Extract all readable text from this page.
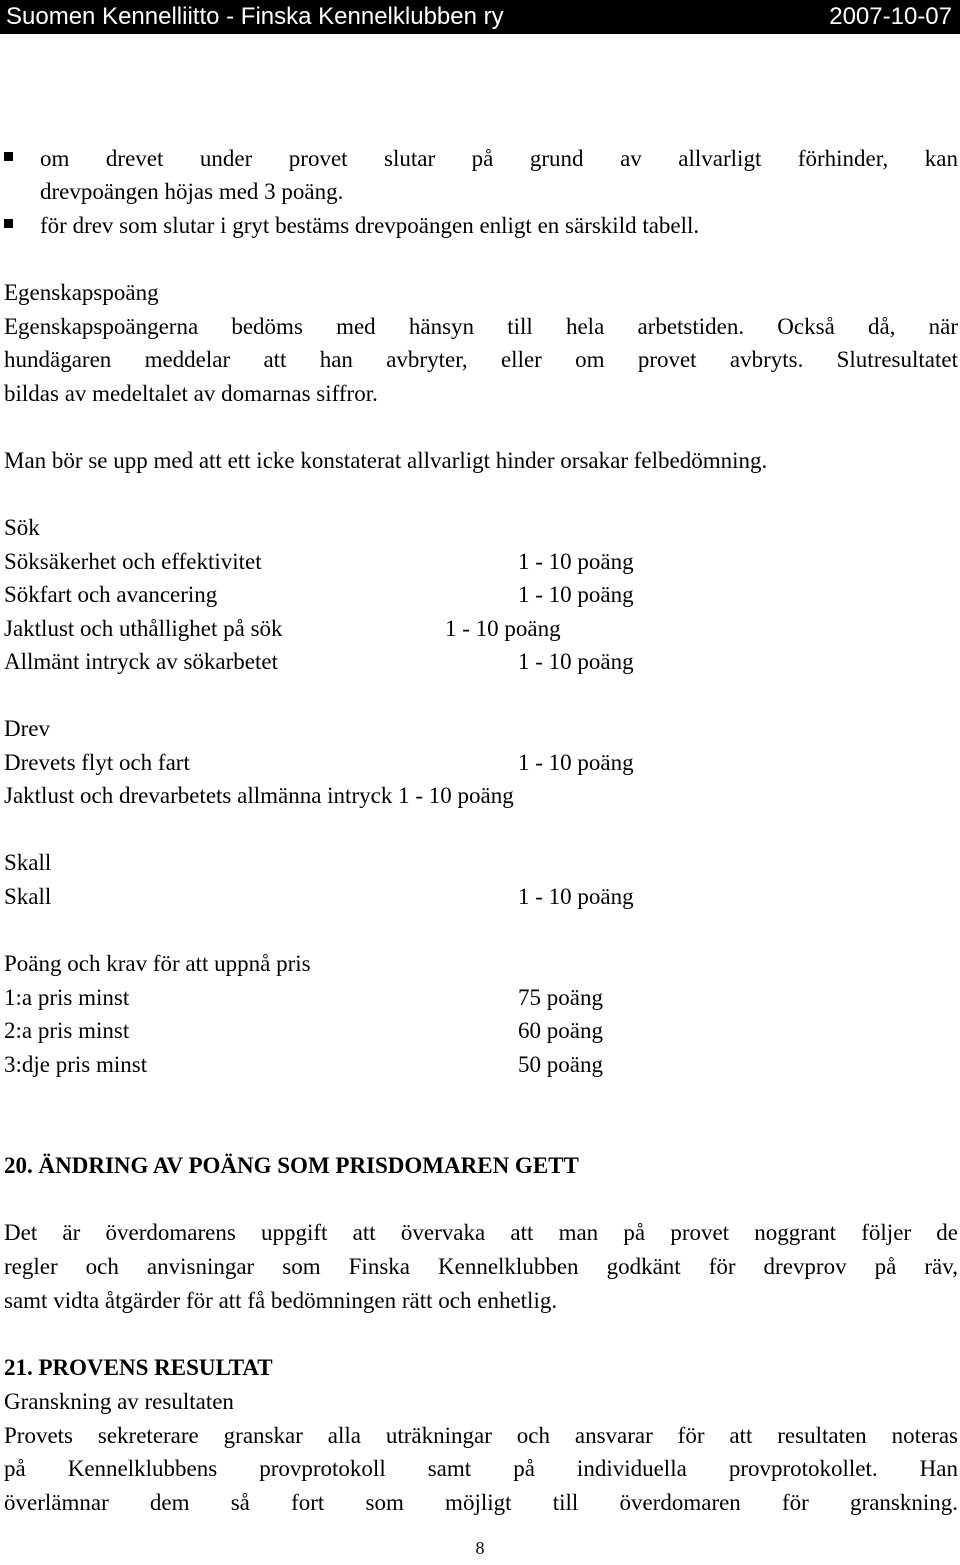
Suomen Kennelliitto - Finska Kennelklubben ry	2007-10-07
om drevet under provet slutar på grund av allvarligt förhinder, kan
drevpoängen höjas med 3 poäng.
för drev som slutar i gryt bestäms drevpoängen enligt en särskild tabell.
Egenskapspoäng
Egenskapspoängerna bedöms med hänsyn till hela arbetstiden. Också då, när
hundägaren meddelar att han avbryter, eller om provet avbryts. Slutresultatet
bildas av medeltalet av domarnas siffror.
Man bör se upp med att ett icke konstaterat allvarligt hinder orsakar felbedömning.
Sök
Söksäkerhet och effektivitet	1 - 10 poäng
Sökfart och avancering	1 - 10 poäng
Jaktlust och uthållighet på sök	1 - 10 poäng
Allmänt intryck av sökarbetet	1 - 10 poäng
Drev
Drevets flyt och fart	1 - 10 poäng
Jaktlust och drevarbetets allmänna intryck 1 - 10 poäng
Skall
Skall	1 - 10 poäng
Poäng och krav för att uppnå pris
1:a pris minst	75 poäng
2:a pris minst	60 poäng
3:dje pris minst	50 poäng
20. ÄNDRING AV POÄNG SOM PRISDOMAREN GETT
Det är överdomarens uppgift att övervaka att man på provet noggrant följer de
regler och anvisningar som Finska Kennelklubben godkänt för drevprov på räv,
samt vidta åtgärder för att få bedömningen rätt och enhetlig.
21. PROVENS RESULTAT
Granskning av resultaten
Provets sekreterare granskar alla uträkningar och ansvarar för att resultaten noteras
på Kennelklubbens provprotokoll samt på individuella provprotokollet. Han
överlämnar dem så fort som möjligt till överdomaren för granskning.
8
